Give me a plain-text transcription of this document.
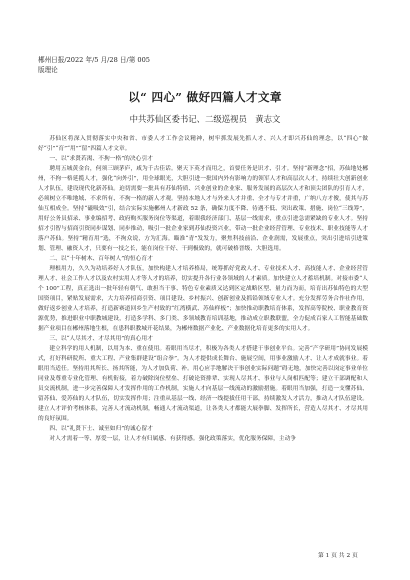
郴州日报/2022 年/5 月/28 日/第 005
版理论
以“ 四心” 做好四篇人才文章
中共苏仙区委书记、二级巡视员　黄志文

苏仙区将深入贯彻落实中央和省、市委人才工作会议精神，树牢抓发展先抓人才、兴人才即兴苏仙的理念，以“四心”做好“引”“育”“用”“留”四篇人才文章。

一、以“求贤若渴、不拘一格”的决心引才

聘用五城黄金台，何须三顾茅庐，咸为千古佳话。聚天下英才而用之，首要任务是识才、引才。坚持“新理念”招，苏仙地处郴州，不拘一格延揽人才，强化“向外引”，用全球眼光，大胆引进一批国内外有影响力的领军人才和高层次人才，持续壮大创新创业人才队伍，建设现代化新苏仙。迫切需要一批具有苏仙特质、兴业创业的企业家、服务发展的高层次人才和顶尖团队的引育人才，必须树立不唯地域、不求所有、不拘一格的新人才观。坚持本地人才与外来人才并重、全才与专才并重，广纳八方才俊，使其与苏仙互相成全。坚持“磁吸效”引，结合实际实施郴州人才新政 52 条，确保力度不降、待遇不低、突出政策、措施、岗位“三线筹”，用好公务员招录、事业编招考、政府购买服务岗位等渠道，着眼我经济部门、基层一线需求，重点引进急需紧缺的专业人才。坚持招才引智与招商引资同步谋划、同步推动，吸引一批企业家到苏仙投资兴业，带动一批企业经营管理、专业技术、职业技能等人才落户苏仙。坚持“精育用”选，不拘众说，方为汇海。瞄准“青”发发力，聚焦科技前沿、企业润需，发展重点，突出引进培引进策划、管理、融资人才，只要有一技之长，能在岗位干好、干到极致的，就可破格晋级、大胆选用。

二、以“十年树木、百年树人”的恒心育才

理根用力，久久为功培养好人才队伍，加快构建人才培养格局，统筹抓好党政人才、专业技术人才、高技能人才、企业经营管理人才、社会工作人才以及农村实用人才等人才的培养，切实提升各行业各领域的人才素质。加快建立人才蓄培机制。对接市委“人个 100”工程，真正选出一批年轻有朝气、敢担当干事、特色专业素质又达到区定战略区型、量力而为而，培育出苏仙特色的大型国资项目，紧贴发展需求，大力培养招商引资、项目建设、乡村振兴、创新创业及抓铅领域专业人才。充分发挥劳务合作社作用，做好返乡创业人才培养，打造新赛道回乡生产村致的“红湾横武、苏仙样板”；加快推动职教培育体系，发挥高等院校、职业教育资源优势，推进职业中职教城建设，打造多学科、多门类、多领域教育培训基地，推动成立职教联盟，全力促成百家人工智能基础数据产业项目在郴州落地生根，在患科职教城开花结果，为郴州数据产业化、产业数据化培育更多的实用人才。

三、以“人尽其才、才尽其用”的真心用才

建立科学的用人机制，以用为本、重在使用。着眼用当尽才，积极为各类人才搭建干事创业平台。完善“产学研用”协同发展模式，打好科研院所、重大工程、产业集群建设“组合拳”。为人才提供成长舞台、施展空间，用事业激励人才、让人才成就事业。着眼用当适任。坚持用其所长、扬其所能，为人才加负荷、补。用心应手地解决干事创业实际问题“碍无地，加快完善以岗定事业单位同业及尊重专业化管理、有机衔接，着力破除岗位壁垒、打破论资排辈、实现人尽其才、事业与人岗相匹配等；建立干部调配和人员交流机制，进一步完善保障人才发挥作用的工作机制，实施人才向基层一线流动的激励措施。着眼用当加强，打造一支懂苏仙、留苏仙、爱苏仙的人才队伍，切实发挥作用；注重从基层一线、经济一线提拔任用干部，持续激发人才活力，推动人才队伍建设。建立人才评价考核体系，完善人才流动机制，畅通人才流动渠道，让各类人才都能大展拳脚、发挥所长，营造人尽其才、才尽其用的良好氛围。

四、以“礼贤下士、诚至如归”的诚心留才

对人才需着一等、厚爱一层，让人才有归属感、有获得感。强化政策落实，优化服务保障，主动争

第 1 页 共 2 页
